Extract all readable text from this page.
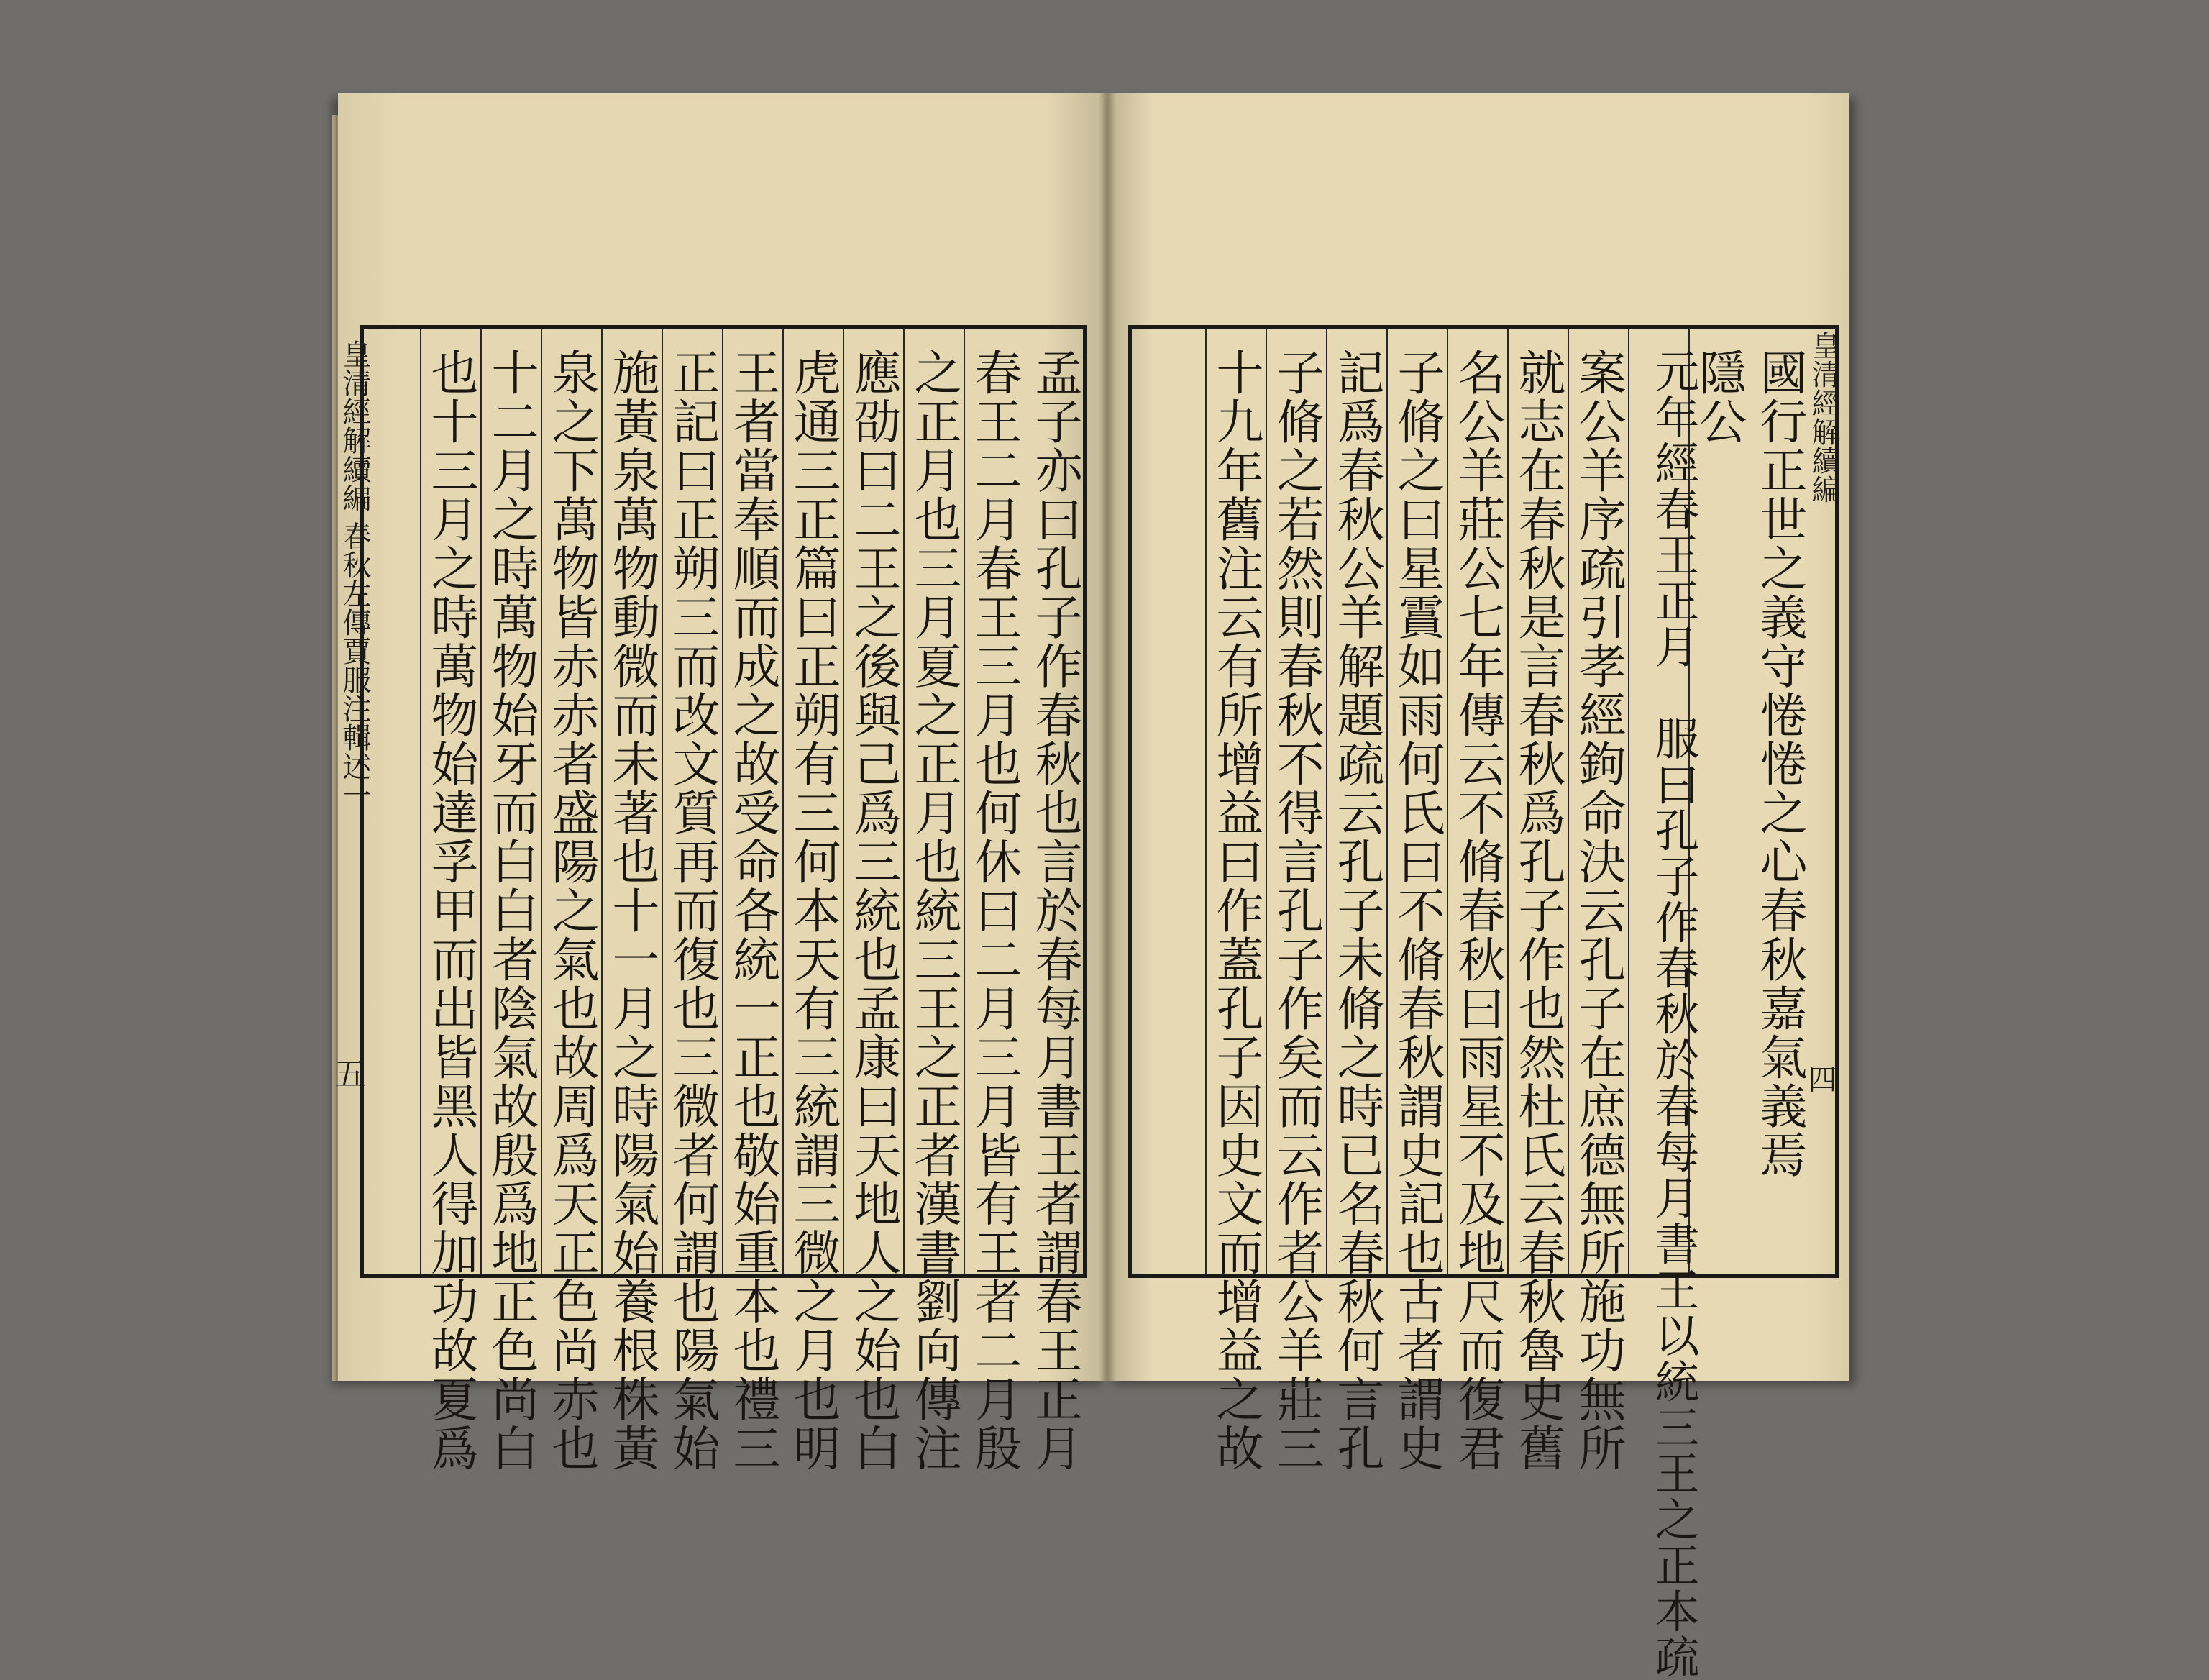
皇清經解續編 春秋左傳賈服注輯述一
五	孟子亦曰孔子作春秋也言於春每月書王者謂春王正月
春王二月春王三月也何休曰二月三月皆有王者二月殷
之正月也三月夏之正月也統三王之正者漢書劉向傳注
應劭曰二王之後與己爲三統也孟康曰天地人之始也白
虎通三正篇曰正朔有三何本天有三統謂三微之月也明
王者當奉順而成之故受命各統一正也敬始重本也禮三
正記曰正朔三而改文質再而復也三微者何謂也陽氣始
施黃泉萬物動微而未著也十一月之時陽氣始養根株黃
泉之下萬物皆赤赤者盛陽之氣也故周爲天正色尚赤也
十二月之時萬物始牙而白白者陰氣故殷爲地正色尚白
也十三月之時萬物始達孚甲而出皆黑人得加功故夏爲	皇清經解續編
四
國行正世之義守惓惓之心春秋嘉氣義焉
隱公
元年經春王正月　服曰孔子作春秋於春每月書王以統三王之正本疏
案公羊序疏引孝經鉤命決云孔子在庶德無所施功無所
就志在春秋是言春秋爲孔子作也然杜氏云春秋魯史舊
名公羊莊公七年傳云不脩春秋曰雨星不及地尺而復君
子脩之曰星霣如雨何氏曰不脩春秋謂史記也古者謂史
記爲春秋公羊解題疏云孔子未脩之時已名春秋何言孔
子脩之若然則春秋不得言孔子作矣而云作者公羊莊三
十九年舊注云有所增益曰作蓋孔子因史文而增益之故
